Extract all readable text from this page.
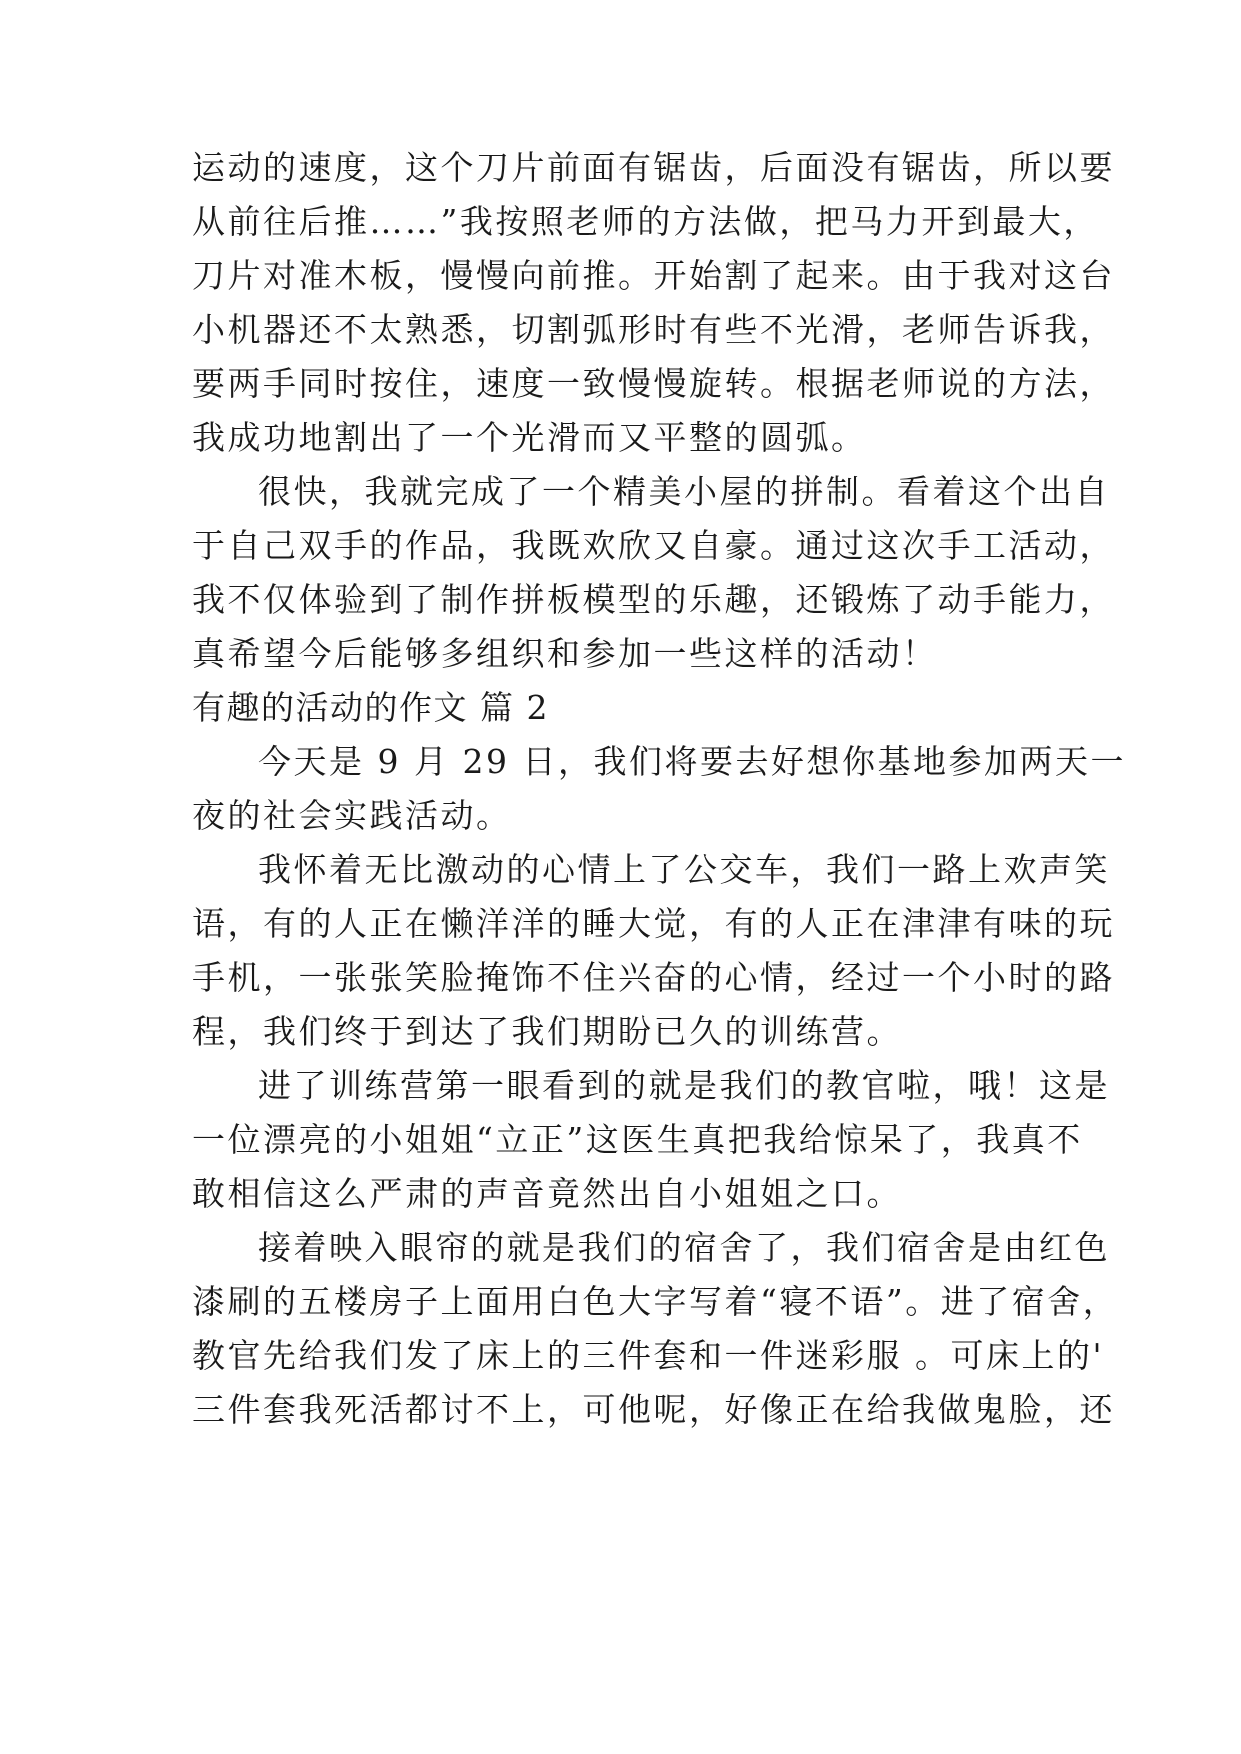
运动的速度，这个刀片前面有锯齿，后面没有锯齿，所以要
从前往后推……”我按照老师的方法做，把马力开到最大，
刀片对准木板，慢慢向前推。开始割了起来。由于我对这台
小机器还不太熟悉，切割弧形时有些不光滑，老师告诉我，
要两手同时按住，速度一致慢慢旋转。根据老师说的方法，
我成功地割出了一个光滑而又平整的圆弧。
很快，我就完成了一个精美小屋的拼制。看着这个出自
于自己双手的作品，我既欢欣又自豪。通过这次手工活动，
我不仅体验到了制作拼板模型的乐趣，还锻炼了动手能力，
真希望今后能够多组织和参加一些这样的活动！
有趣的活动的作文 篇 2
今天是 9 月 29 日，我们将要去好想你基地参加两天一
夜的社会实践活动。
我怀着无比激动的心情上了公交车，我们一路上欢声笑
语，有的人正在懒洋洋的睡大觉，有的人正在津津有味的玩
手机，一张张笑脸掩饰不住兴奋的心情，经过一个小时的路
程，我们终于到达了我们期盼已久的训练营。
进了训练营第一眼看到的就是我们的教官啦，哦！这是
一位漂亮的小姐姐“立正”这医生真把我给惊呆了，我真不
敢相信这么严肃的声音竟然出自小姐姐之口。
接着映入眼帘的就是我们的宿舍了，我们宿舍是由红色
漆刷的五楼房子上面用白色大字写着“寝不语”。进了宿舍，
教官先给我们发了床上的三件套和一件迷彩服 。可床上的'
三件套我死活都讨不上，可他呢，好像正在给我做鬼脸，还
